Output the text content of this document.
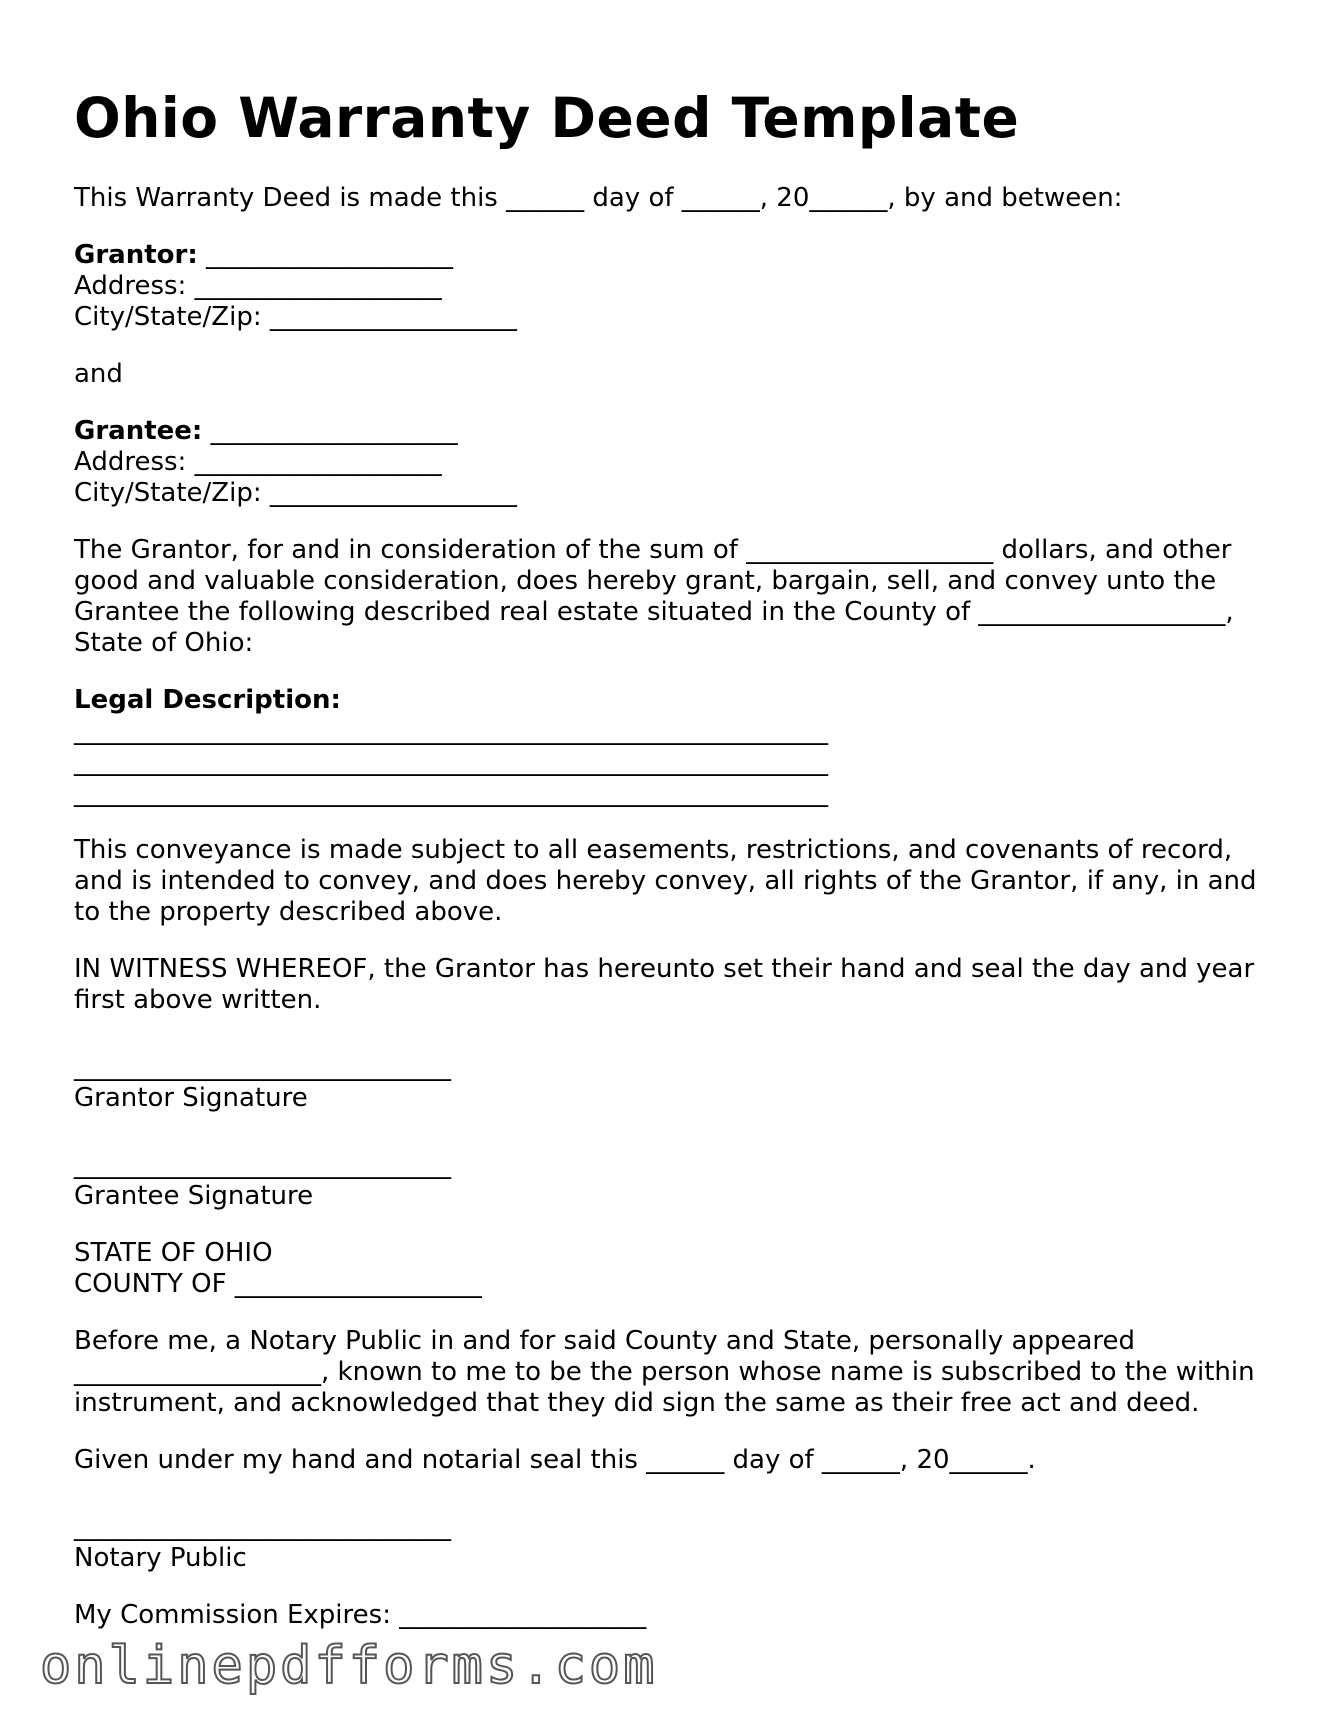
Ohio Warranty Deed Template
This Warranty Deed is made this ______ day of ______, 20______, by and between:
Grantor: ___________________
Address: ___________________
City/State/Zip: ___________________
and
Grantee: ___________________
Address: ___________________
City/State/Zip: ___________________
The Grantor, for and in consideration of the sum of ___________________ dollars, and other good and valuable consideration, does hereby grant, bargain, sell, and convey unto the Grantee the following described real estate situated in the County of ___________________, State of Ohio:
Legal Description:
__________________________________________________________
__________________________________________________________
__________________________________________________________
This conveyance is made subject to all easements, restrictions, and covenants of record, and is intended to convey, and does hereby convey, all rights of the Grantor, if any, in and to the property described above.
IN WITNESS WHEREOF, the Grantor has hereunto set their hand and seal the day and year first above written.
_____________________________
Grantor Signature
_____________________________
Grantee Signature
STATE OF OHIO
COUNTY OF ___________________
Before me, a Notary Public in and for said County and State, personally appeared ___________________, known to me to be the person whose name is subscribed to the within instrument, and acknowledged that they did sign the same as their free act and deed.
Given under my hand and notarial seal this ______ day of ______, 20______.
_____________________________
Notary Public
My Commission Expires: ___________________
onlinepdfforms.com
